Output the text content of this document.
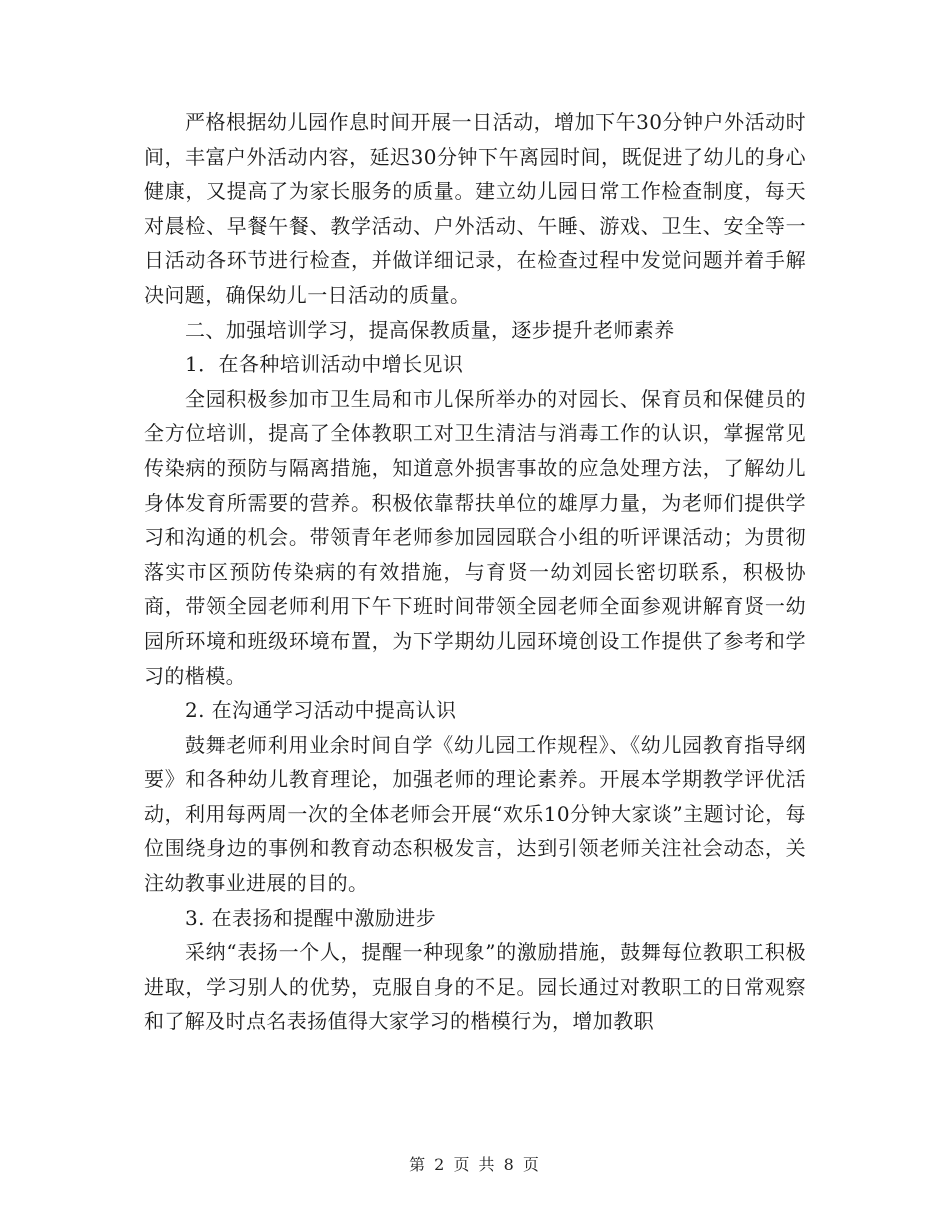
严格根据幼儿园作息时间开展一日活动，增加下午30分钟户外活动时间，丰富户外活动内容，延迟30分钟下午离园时间，既促进了幼儿的身心健康，又提高了为家长服务的质量。建立幼儿园日常工作检查制度，每天对晨检、早餐午餐、教学活动、户外活动、午睡、游戏、卫生、安全等一日活动各环节进行检查，并做详细记录，在检查过程中发觉问题并着手解决问题，确保幼儿一日活动的质量。

二、加强培训学习，提高保教质量，逐步提升老师素养

1．在各种培训活动中增长见识

全园积极参加市卫生局和市儿保所举办的对园长、保育员和保健员的全方位培训，提高了全体教职工对卫生清洁与消毒工作的认识，掌握常见传染病的预防与隔离措施，知道意外损害事故的应急处理方法，了解幼儿身体发育所需要的营养。积极依靠帮扶单位的雄厚力量，为老师们提供学习和沟通的机会。带领青年老师参加园园联合小组的听评课活动；为贯彻落实市区预防传染病的有效措施，与育贤一幼刘园长密切联系，积极协商，带领全园老师利用下午下班时间带领全园老师全面参观讲解育贤一幼园所环境和班级环境布置，为下学期幼儿园环境创设工作提供了参考和学习的楷模。

2. 在沟通学习活动中提高认识

鼓舞老师利用业余时间自学《幼儿园工作规程》、《幼儿园教育指导纲要》和各种幼儿教育理论，加强老师的理论素养。开展本学期教学评优活动，利用每两周一次的全体老师会开展“欢乐10分钟大家谈”主题讨论，每位围绕身边的事例和教育动态积极发言，达到引领老师关注社会动态，关注幼教事业进展的目的。

3. 在表扬和提醒中激励进步

采纳“表扬一个人，提醒一种现象”的激励措施，鼓舞每位教职工积极进取，学习别人的优势，克服自身的不足。园长通过对教职工的日常观察和了解及时点名表扬值得大家学习的楷模行为，增加教职

第 2 页 共 8 页
